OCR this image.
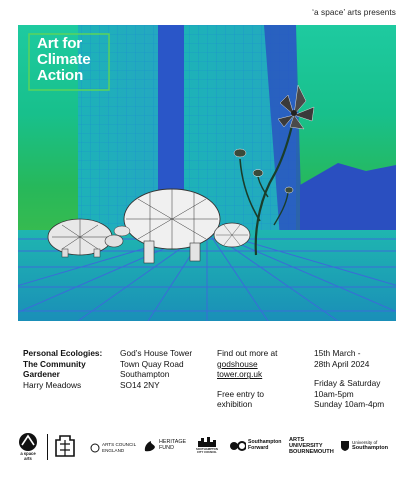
‘a space’ arts presents
Art for
Climate
Action
Personal Ecologies:
The Community
Gardener
Harry Meadows
God’s House Tower
Town Quay Road
Southampton
SO14 2NY
Find out more at
godshouse
tower.org.uk
Free entry to
exhibition
15th March -
28th April 2024
Friday & Saturday
10am-5pm
Sunday 10am-4pm
a space
arts
ARTS COUNCIL
ENGLAND
HERITAGE
FUND	SOUTHAMPTON
CITY COUNCIL
Southampton
Forward
ARTS
UNIVERSITY
BOURNEMOUTH
University of
Southampton
